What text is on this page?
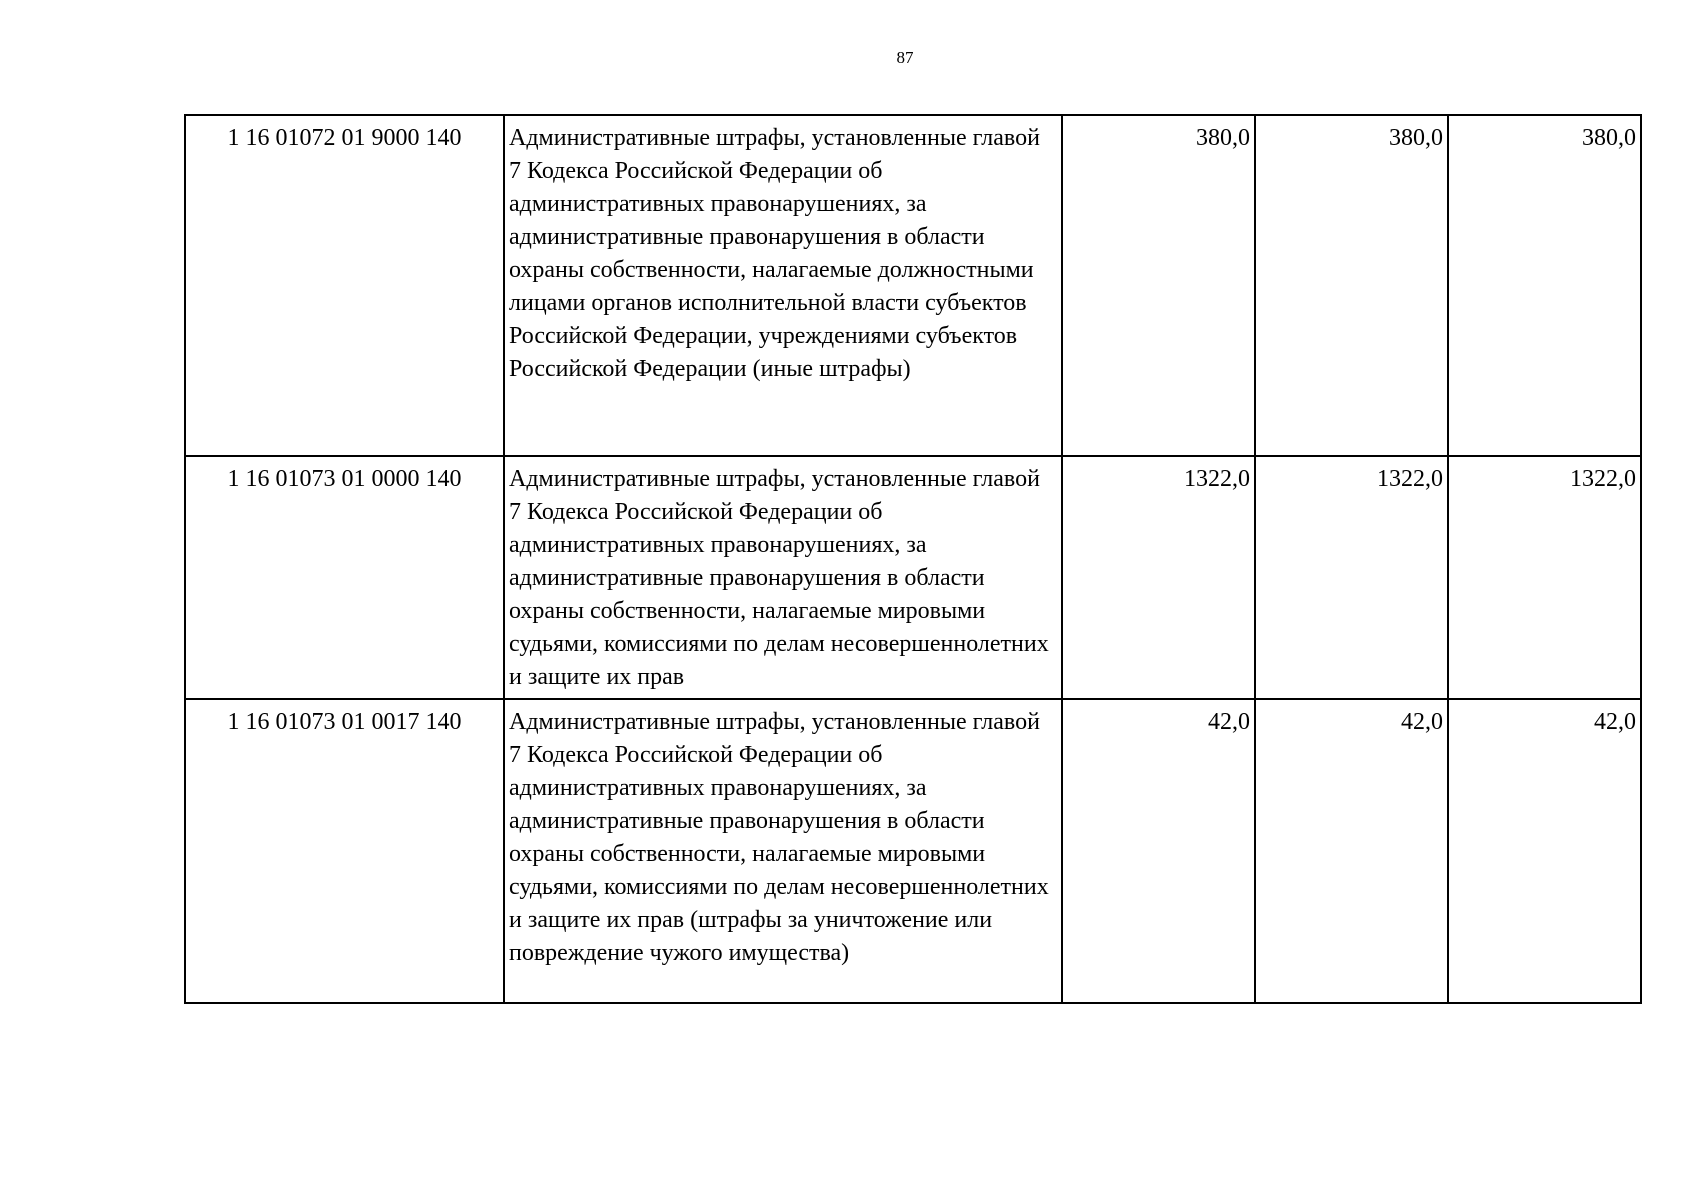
87
1 16 01072 01 9000 140	Административные штрафы, установленные главой 7 Кодекса Российской Федерации об административных правонарушениях, за административные правонарушения в области охраны собственности, налагаемые должностными лицами органов исполнительной власти субъектов Российской Федерации, учреждениями субъектов Российской Федерации (иные штрафы)	380,0	380,0	380,0
1 16 01073 01 0000 140	Административные штрафы, установленные главой 7 Кодекса Российской Федерации об административных правонарушениях, за административные правонарушения в области охраны собственности, налагаемые мировыми судьями, комиссиями по делам несовершеннолетних и защите их прав	1322,0	1322,0	1322,0
1 16 01073 01 0017 140	Административные штрафы, установленные главой 7 Кодекса Российской Федерации об административных правонарушениях, за административные правонарушения в области охраны собственности, налагаемые мировыми судьями, комиссиями по делам несовершеннолетних и защите их прав (штрафы за уничтожение или повреждение чужого имущества)	42,0	42,0	42,0
